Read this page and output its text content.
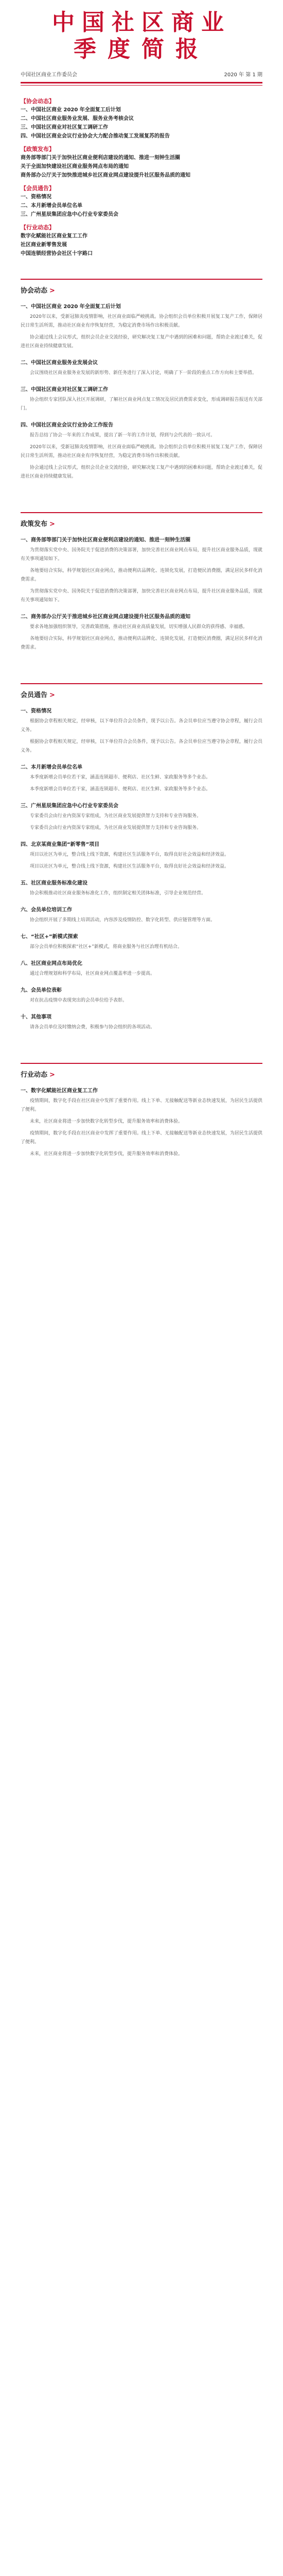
中国社区商业
季度简报
中国社区商业工作委员会	2020 年 第 1 期
【协会动态】
一、中国社区商业 2020 年全面复工后计划
二、中国社区商业服务业发展、服务业务考核会议
三、中国社区商业对社区复工调研工作
四、中国社区商业会议行业协会大力配合推动复工发展复苏的报告
【政策发布】
商务部等部门关于加快社区商业便利店建设的通知、推进一刻钟生活圈
关于全面加快建设社区商业服务网点布局的通知
商务部办公厅关于加快推进城乡社区商业网点建设提升社区服务品质的通知
【会员通告】
一、资格情况
二、本月新增会员单位名单
三、广州星辰集团应急中心行业专家委员会
【行业动态】
数字化赋能社区商业复工工作
社区商业新零售发展
中国连锁经营协会社区十字路口
协会动态 >
一、中国社区商业 2020 年全面复工后计划
2020年以来，受新冠肺炎疫情影响，社区商业面临严峻挑战。协会组织会员单位积极开展复工复产工作，保障居民日常生活所需，推动社区商业有序恢复经营，为稳定消费市场作出积极贡献。
协会通过线上会议形式，组织会员企业交流经验，研究解决复工复产中遇到的困难和问题，帮助企业渡过难关，促进社区商业持续健康发展。
二、中国社区商业服务业发展会议
会议围绕社区商业服务业发展的新形势、新任务进行了深入讨论，明确了下一阶段的重点工作方向和主要举措。
三、中国社区商业对社区复工调研工作
协会组织专家团队深入社区开展调研，了解社区商业网点复工情况及居民消费需求变化，形成调研报告报送有关部门。
四、中国社区商业会议行业协会工作报告
报告总结了协会一年来的工作成果，提出了新一年的工作计划，得到与会代表的一致认可。
2020年以来，受新冠肺炎疫情影响，社区商业面临严峻挑战。协会组织会员单位积极开展复工复产工作，保障居民日常生活所需，推动社区商业有序恢复经营，为稳定消费市场作出积极贡献。
协会通过线上会议形式，组织会员企业交流经验，研究解决复工复产中遇到的困难和问题，帮助企业渡过难关，促进社区商业持续健康发展。
政策发布 >
一、商务部等部门关于加快社区商业便利店建设的通知、推进一刻钟生活圈
为贯彻落实党中央、国务院关于促进消费的决策部署，加快完善社区商业网点布局，提升社区商业服务品质，现就有关事项通知如下。
各地要结合实际，科学规划社区商业网点，推动便利店品牌化、连锁化发展，打造便民消费圈，满足居民多样化消费需求。
为贯彻落实党中央、国务院关于促进消费的决策部署，加快完善社区商业网点布局，提升社区商业服务品质，现就有关事项通知如下。
二、商务部办公厅关于推进城乡社区商业网点建设提升社区服务品质的通知
要求各地加强组织领导，完善政策措施，推动社区商业高质量发展，切实增强人民群众的获得感、幸福感。
各地要结合实际，科学规划社区商业网点，推动便利店品牌化、连锁化发展，打造便民消费圈，满足居民多样化消费需求。
会员通告 >
一、资格情况
根据协会章程相关规定，经审核，以下单位符合会员条件，现予以公告。各会员单位应当遵守协会章程，履行会员义务。
根据协会章程相关规定，经审核，以下单位符合会员条件，现予以公告。各会员单位应当遵守协会章程，履行会员义务。
二、本月新增会员单位名单
本季度新增会员单位若干家，涵盖连锁超市、便利店、社区生鲜、家政服务等多个业态。
本季度新增会员单位若干家，涵盖连锁超市、便利店、社区生鲜、家政服务等多个业态。
三、广州星辰集团应急中心行业专家委员会
专家委员会由行业内资深专家组成，为社区商业发展提供智力支持和专业咨询服务。
专家委员会由行业内资深专家组成，为社区商业发展提供智力支持和专业咨询服务。
四、北京某商业集团“新零售”项目
项目以社区为单元，整合线上线下资源，构建社区生活服务平台，取得良好社会效益和经济效益。
项目以社区为单元，整合线上线下资源，构建社区生活服务平台，取得良好社会效益和经济效益。
五、社区商业服务标准化建设
协会积极推动社区商业服务标准化工作，组织制定相关团体标准，引导企业规范经营。
六、会员单位培训工作
协会组织开展了多期线上培训活动，内容涉及疫情防控、数字化转型、供应链管理等方面。
七、“社区+”新模式探索
部分会员单位积极探索“社区+”新模式，将商业服务与社区治理有机结合。
八、社区商业网点布局优化
通过合理规划和科学布局，社区商业网点覆盖率进一步提高。
九、会员单位表彰
对在抗击疫情中表现突出的会员单位给予表彰。
十、其他事项
请各会员单位及时缴纳会费，积极参与协会组织的各项活动。
行业动态 >
一、数字化赋能社区商业复工工作
疫情期间，数字化手段在社区商业中发挥了重要作用。线上下单、无接触配送等新业态快速发展，为居民生活提供了便利。
未来，社区商业将进一步加快数字化转型步伐，提升服务效率和消费体验。
疫情期间，数字化手段在社区商业中发挥了重要作用。线上下单、无接触配送等新业态快速发展，为居民生活提供了便利。
未来，社区商业将进一步加快数字化转型步伐，提升服务效率和消费体验。
